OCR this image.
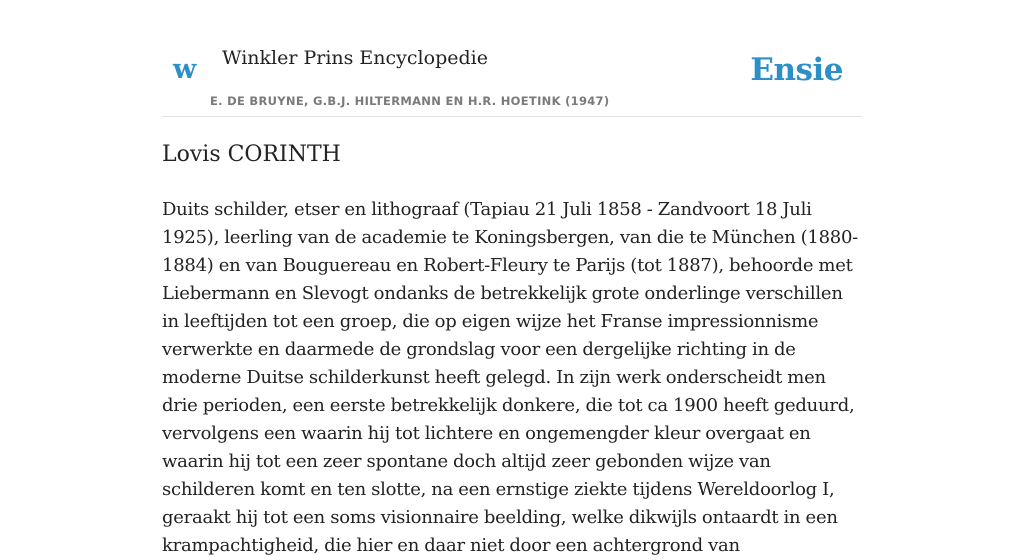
w Winkler Prins Encyclopedie
E. DE BRUYNE, G.B.J. HILTERMANN EN H.R. HOETINK (1947)
Ensie
Lovis CORINTH

Duits schilder, etser en lithograaf (Tapiau 21 Juli 1858 - Zandvoort 18 Juli 1925), leerling van de academie te Koningsbergen, van die te München (1880-1884) en van Bouguereau en Robert-Fleury te Parijs (tot 1887), behoorde met Liebermann en Slevogt ondanks de betrekkelijk grote onderlinge verschillen in leeftijden tot een groep, die op eigen wijze het Franse impressionnisme verwerkte en daarmede de grondslag voor een dergelijke richting in de moderne Duitse schilderkunst heeft gelegd. In zijn werk onderscheidt men drie perioden, een eerste betrekkelijk donkere, die tot ca 1900 heeft geduurd, vervolgens een waarin hij tot lichtere en ongemengder kleur overgaat en waarin hij tot een zeer spontane doch altijd zeer gebonden wijze van schilderen komt en ten slotte, na een ernstige ziekte tijdens Wereldoorlog I, geraakt hij tot een soms visionnaire beelding, welke dikwijls ontaardt in een krampachtigheid, die hier en daar niet door een achtergrond van
